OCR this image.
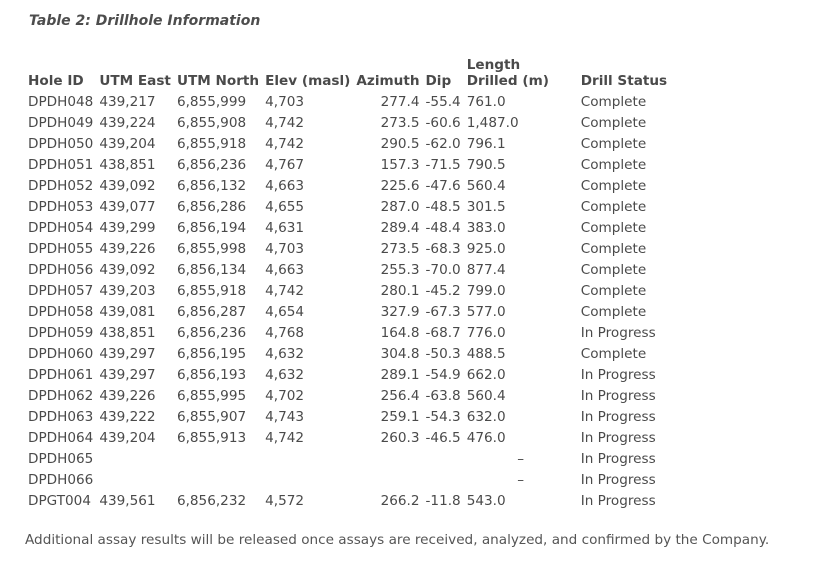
Table 2: Drillhole Information
Hole ID	UTM East	UTM North	Elev (masl)	Azimuth	Dip	Length Drilled (m)	Drill Status
DPDH048	439,217	6,855,999	4,703	277.4	-55.4	761.0	Complete
DPDH049	439,224	6,855,908	4,742	273.5	-60.6	1,487.0	Complete
DPDH050	439,204	6,855,918	4,742	290.5	-62.0	796.1	Complete
DPDH051	438,851	6,856,236	4,767	157.3	-71.5	790.5	Complete
DPDH052	439,092	6,856,132	4,663	225.6	-47.6	560.4	Complete
DPDH053	439,077	6,856,286	4,655	287.0	-48.5	301.5	Complete
DPDH054	439,299	6,856,194	4,631	289.4	-48.4	383.0	Complete
DPDH055	439,226	6,855,998	4,703	273.5	-68.3	925.0	Complete
DPDH056	439,092	6,856,134	4,663	255.3	-70.0	877.4	Complete
DPDH057	439,203	6,855,918	4,742	280.1	-45.2	799.0	Complete
DPDH058	439,081	6,856,287	4,654	327.9	-67.3	577.0	Complete
DPDH059	438,851	6,856,236	4,768	164.8	-68.7	776.0	In Progress
DPDH060	439,297	6,856,195	4,632	304.8	-50.3	488.5	Complete
DPDH061	439,297	6,856,193	4,632	289.1	-54.9	662.0	In Progress
DPDH062	439,226	6,855,995	4,702	256.4	-63.8	560.4	In Progress
DPDH063	439,222	6,855,907	4,743	259.1	-54.3	632.0	In Progress
DPDH064	439,204	6,855,913	4,742	260.3	-46.5	476.0	In Progress
DPDH065						–	In Progress
DPDH066						–	In Progress
DPGT004	439,561	6,856,232	4,572	266.2	-11.8	543.0	In Progress
Additional assay results will be released once assays are received, analyzed, and confirmed by the Company.
